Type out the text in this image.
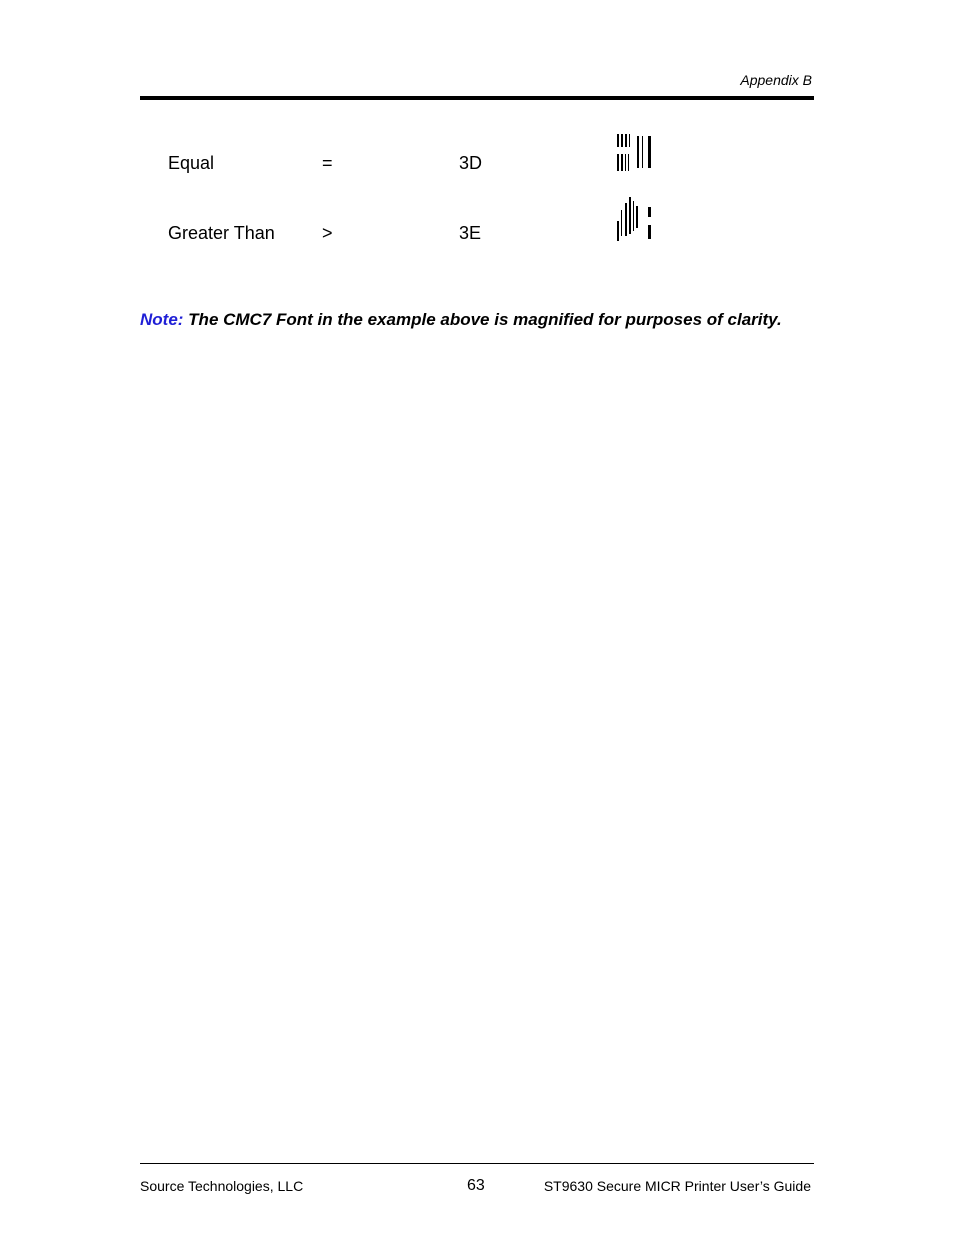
Appendix B
Equal	=	3D
Greater Than	>	3E
Note: The CMC7 Font in the example above is magnified for purposes of clarity.
Source Technologies, LLC	63	ST9630 Secure MICR Printer User’s Guide
